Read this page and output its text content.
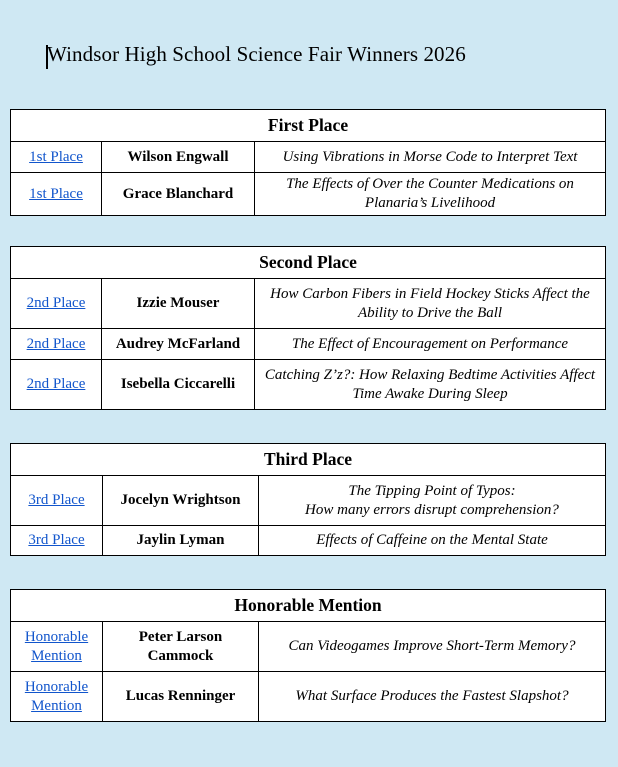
Windsor High School Science Fair Winners 2026
First Place		
1st Place	Wilson Engwall	Using Vibrations in Morse Code to Interpret Text
1st Place	Grace Blanchard	The Effects of Over the Counter Medications on Planaria’s Livelihood
Second Place		
2nd Place	Izzie Mouser	How Carbon Fibers in Field Hockey Sticks Affect the Ability to Drive the Ball
2nd Place	Audrey McFarland	The Effect of Encouragement on Performance
2nd Place	Isebella Ciccarelli	Catching Z’z?: How Relaxing Bedtime Activities Affect Time Awake During Sleep
Third Place		
3rd Place	Jocelyn Wrightson	The Tipping Point of Typos:
How many errors disrupt comprehension?

3rd Place	Jaylin Lyman	Effects of Caffeine on the Mental State
Honorable Mention		
Honorable Mention	Peter Larson Cammock	Can Videogames Improve Short-Term Memory?
Honorable Mention	Lucas Renninger	What Surface Produces the Fastest Slapshot?
